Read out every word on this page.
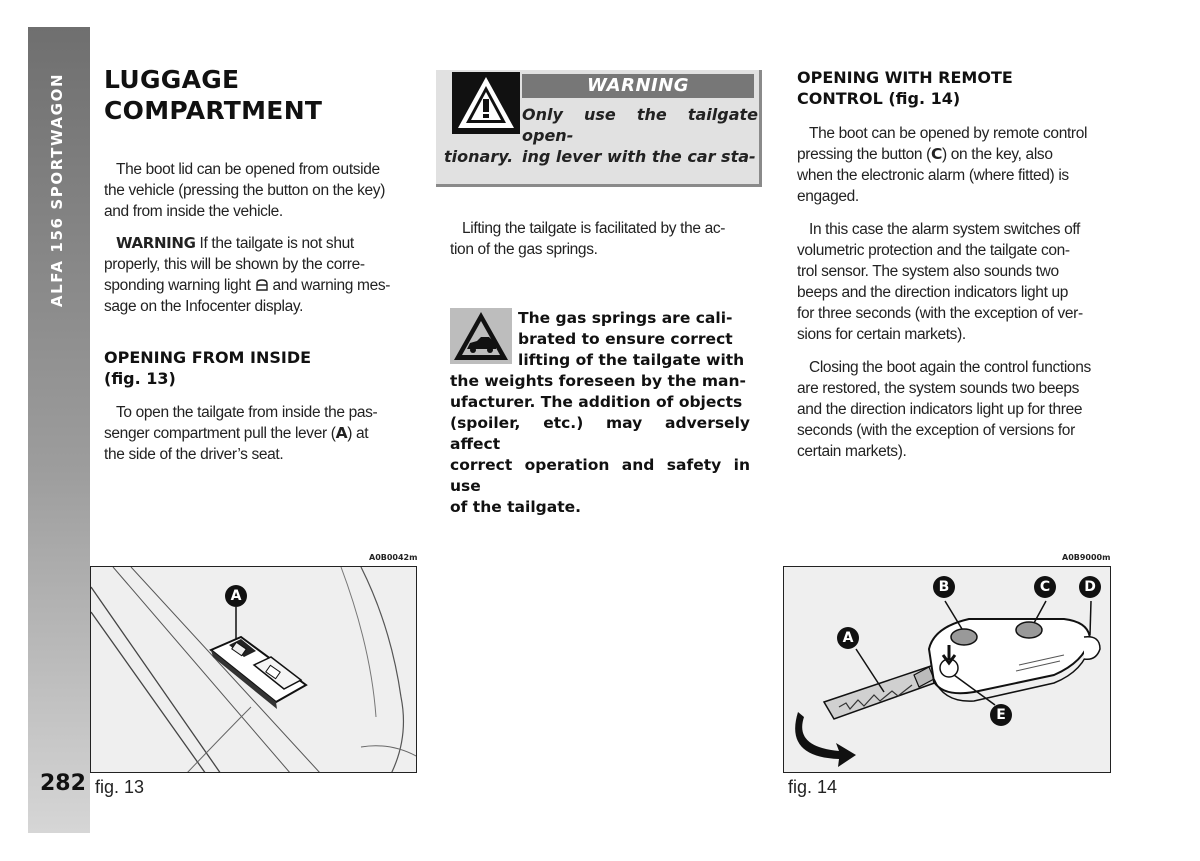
ALFA 156 SPORTWAGON
282
LUGGAGE
COMPARTMENT
The boot lid can be opened from outside
the vehicle (pressing the button on the key)
and from inside the vehicle.
WARNING If the tailgate is not shut
properly, this will be shown by the corre-
sponding warning light  and warning mes-
sage on the Infocenter display.
OPENING FROM INSIDE
(fig. 13)
To open the tailgate from inside the pas-
senger compartment pull the lever (A) at
the side of the driver’s seat.
WARNING
Only use the tailgate open-
ing lever with the car sta-
tionary.
Lifting the tailgate is facilitated by the ac-
tion of the gas springs.
The gas springs are cali-
brated to ensure correct
lifting of the tailgate with
the weights foreseen by the man-
ufacturer. The addition of objects
(spoiler, etc.) may adversely affect
correct operation and safety in use
of the tailgate.
OPENING WITH REMOTE
CONTROL (fig. 14)
The boot can be opened by remote control
pressing the button (C) on the key, also
when the electronic alarm (where fitted) is
engaged.
In this case the alarm system switches off
volumetric protection and the tailgate con-
trol sensor. The system also sounds two
beeps and the direction indicators light up
for three seconds (with the exception of ver-
sions for certain markets).
Closing the boot again the control functions
are restored, the system sounds two beeps
and the direction indicators light up for three
seconds (with the exception of versions for
certain markets).
A0B0042m
A
fig. 13
A0B9000m
A
B	C	D
E
fig. 14
